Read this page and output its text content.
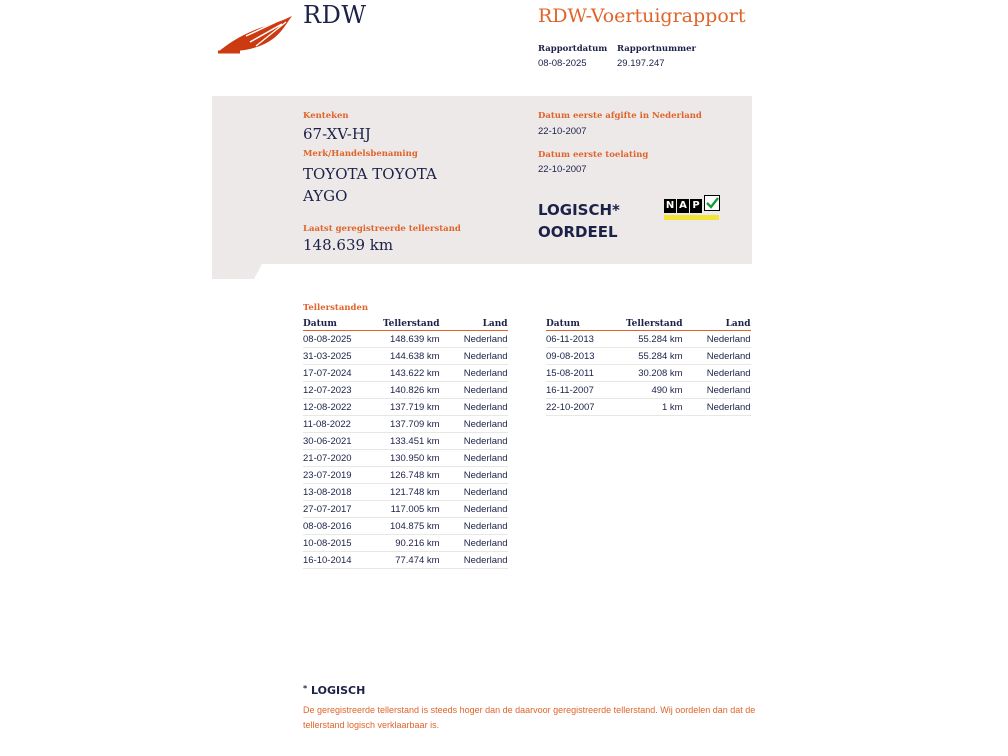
RDW	RDW-Voertuigrapport
Rapportdatum
08-08-2025
Rapportnummer
29.197.247
Kenteken
67-XV-HJ
Merk/Handelsbenaming
TOYOTA TOYOTA
AYGO
Laatst geregistreerde tellerstand
148.639 km
Datum eerste afgifte in Nederland
22-10-2007
Datum eerste toelating
22-10-2007
LOGISCH*
OORDEEL
N A P
Tellerstanden
Datum	Tellerstand	Land
08-08-2025	148.639 km	Nederland
31-03-2025	144.638 km	Nederland
17-07-2024	143.622 km	Nederland
12-07-2023	140.826 km	Nederland
12-08-2022	137.719 km	Nederland
11-08-2022	137.709 km	Nederland
30-06-2021	133.451 km	Nederland
21-07-2020	130.950 km	Nederland
23-07-2019	126.748 km	Nederland
13-08-2018	121.748 km	Nederland
27-07-2017	117.005 km	Nederland
08-08-2016	104.875 km	Nederland
10-08-2015	90.216 km	Nederland
16-10-2014	77.474 km	Nederland
Datum	Tellerstand	Land
06-11-2013	55.284 km	Nederland
09-08-2013	55.284 km	Nederland
15-08-2011	30.208 km	Nederland
16-11-2007	490 km	Nederland
22-10-2007	1 km	Nederland
* LOGISCH
De geregistreerde tellerstand is steeds hoger dan de daarvoor geregistreerde tellerstand. Wij oordelen dan dat de tellerstand logisch verklaarbaar is.
